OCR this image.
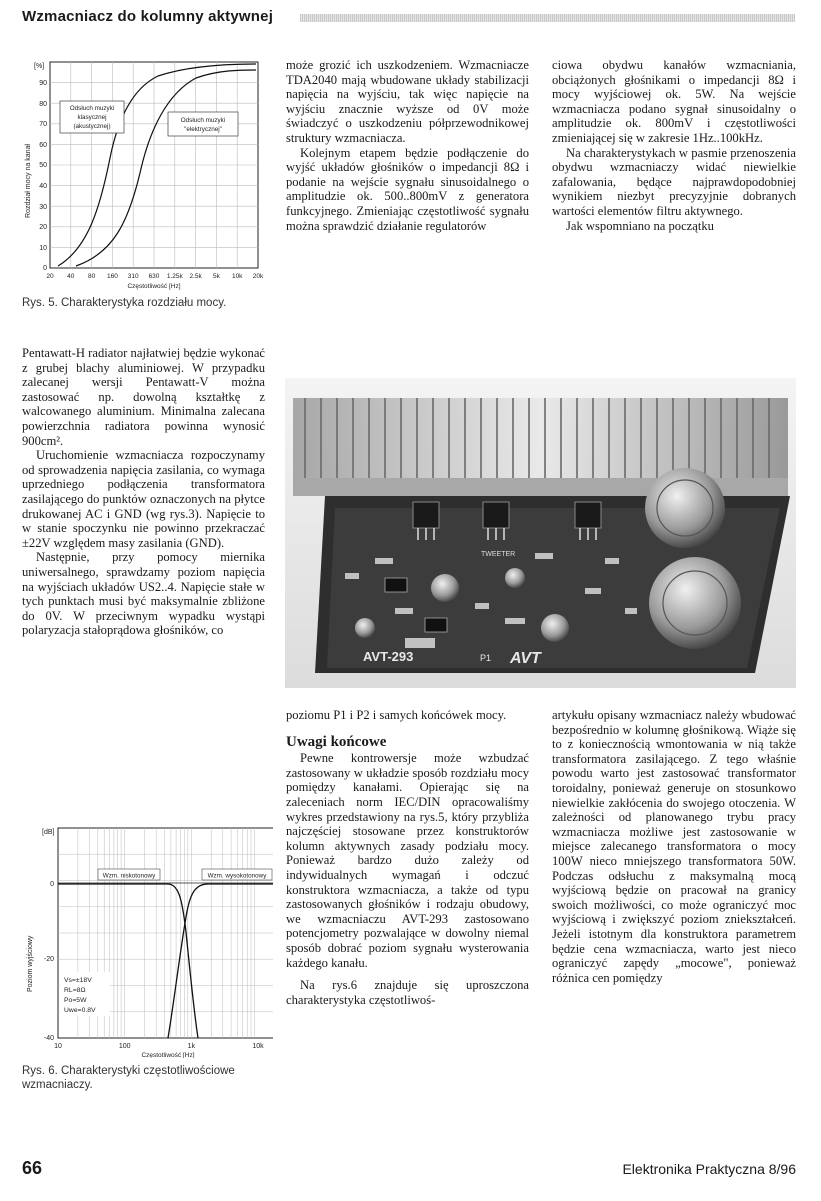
Wzmacniacz do kolumny aktywnej
[%]
0
10
20
30
40
50
60
70
80
90
20 40 80 160 310 630 1.25k 2.5k 5k 10k 20k
Częstotliwość [Hz]
Rozdział mocy na kanał
Odsłuch muzyki
klasycznej
(akustycznej)
Odsłuch muzyki
"elektrycznej"
Rys. 5. Charakterystyka rozdziału mocy.

Pentawatt-H radiator najłatwiej będzie wykonać z grubej blachy aluminiowej. W przypadku zalecanej wersji Pentawatt-V można zastosować np. dowolną kształtkę z walcowanego aluminium. Minimalna zalecana powierzchnia radiatora powinna wynosić 900cm².

Uruchomienie wzmacniacza rozpoczynamy od sprowadzenia napięcia zasilania, co wymaga uprzedniego podłączenia transformatora zasilającego do punktów oznaczonych na płytce drukowanej AC i GND (wg rys.3). Napięcie to w stanie spoczynku nie powinno przekraczać ±22V względem masy zasilania (GND).

Następnie, przy pomocy miernika uniwersalnego, sprawdzamy poziom napięcia na wyjściach układów US2..4. Napięcie stałe w tych punktach musi być maksymalnie zbliżone do 0V. W przeciwnym wypadku wystąpi polaryzacja stałoprądowa głośników, co

[dB]
0
-20
-40
10	100	1k	10k
Częstotliwość [Hz]
Poziom wyjściowy
Wzm. niskotonowy	Wzm. wysokotonowy
Vs=±18V
RL=8Ω
Po=5W
Uwe=0.8V
Rys. 6. Charakterystyki częstotliwościowe wzmacniaczy.

może grozić ich uszkodzeniem. Wzmacniacze TDA2040 mają wbudowane układy stabilizacji napięcia na wyjściu, tak więc napięcie na wyjściu znacznie wyższe od 0V może świadczyć o uszkodzeniu półprzewodnikowej struktury wzmacniacza.

Kolejnym etapem będzie podłączenie do wyjść układów głośników o impedancji 8Ω i podanie na wejście sygnału sinusoidalnego o amplitudzie ok. 500..800mV z generatora funkcyjnego. Zmieniając częstotliwość sygnału można sprawdzić działanie regulatorów

ciowa obydwu kanałów wzmacniania, obciążonych głośnikami o impedancji 8Ω i mocy wyjściowej ok. 5W. Na wejście wzmacniacza podano sygnał sinusoidalny o amplitudzie ok. 800mV i częstotliwości zmieniającej się w zakresie 1Hz..100kHz.

Na charakterystykach w pasmie przenoszenia obydwu wzmacniaczy widać niewielkie zafalowania, będące najprawdopodobniej wynikiem niezbyt precyzyjnie dobranych wartości elementów filtru aktywnego.

Jak wspomniano na początku

TWEETER
AVT-293	P1 AVT

poziomu P1 i P2 i samych końcówek mocy.

Uwagi końcowe

Pewne kontrowersje może wzbudzać zastosowany w układzie sposób rozdziału mocy pomiędzy kanałami. Opierając się na zaleceniach norm IEC/DIN opracowaliśmy wykres przedstawiony na rys.5, który przybliża najczęściej stosowane przez konstruktorów kolumn aktywnych zasady podziału mocy. Ponieważ bardzo dużo zależy od indywidualnych wymagań i odczuć konstruktora wzmacniacza, a także od typu zastosowanych głośników i rodzaju obudowy, we wzmacniaczu AVT-293 zastosowano potencjometry pozwalające w dowolny niemal sposób dobrać poziom sygnału wysterowania każdego kanału.

Na rys.6 znajduje się uproszczona charakterystyka częstotliwoś-

artykułu opisany wzmacniacz należy wbudować bezpośrednio w kolumnę głośnikową. Wiąże się to z koniecznością wmontowania w nią także transformatora zasilającego. Z tego właśnie powodu warto jest zastosować transformator toroidalny, ponieważ generuje on stosunkowo niewielkie zakłócenia do swojego otoczenia. W zależności od planowanego trybu pracy wzmacniacza możliwe jest zastosowanie w miejsce zalecanego transformatora o mocy 100W nieco mniejszego transformatora 50W. Podczas odsłuchu z maksymalną mocą wyjściową będzie on pracował na granicy swoich możliwości, co może ograniczyć moc wyjściową i zwiększyć poziom zniekształceń. Jeżeli istotnym dla konstruktora parametrem będzie cena wzmacniacza, warto jest nieco ograniczyć zapędy „mocowe", ponieważ różnica cen pomiędzy

66	Elektronika Praktyczna 8/96
